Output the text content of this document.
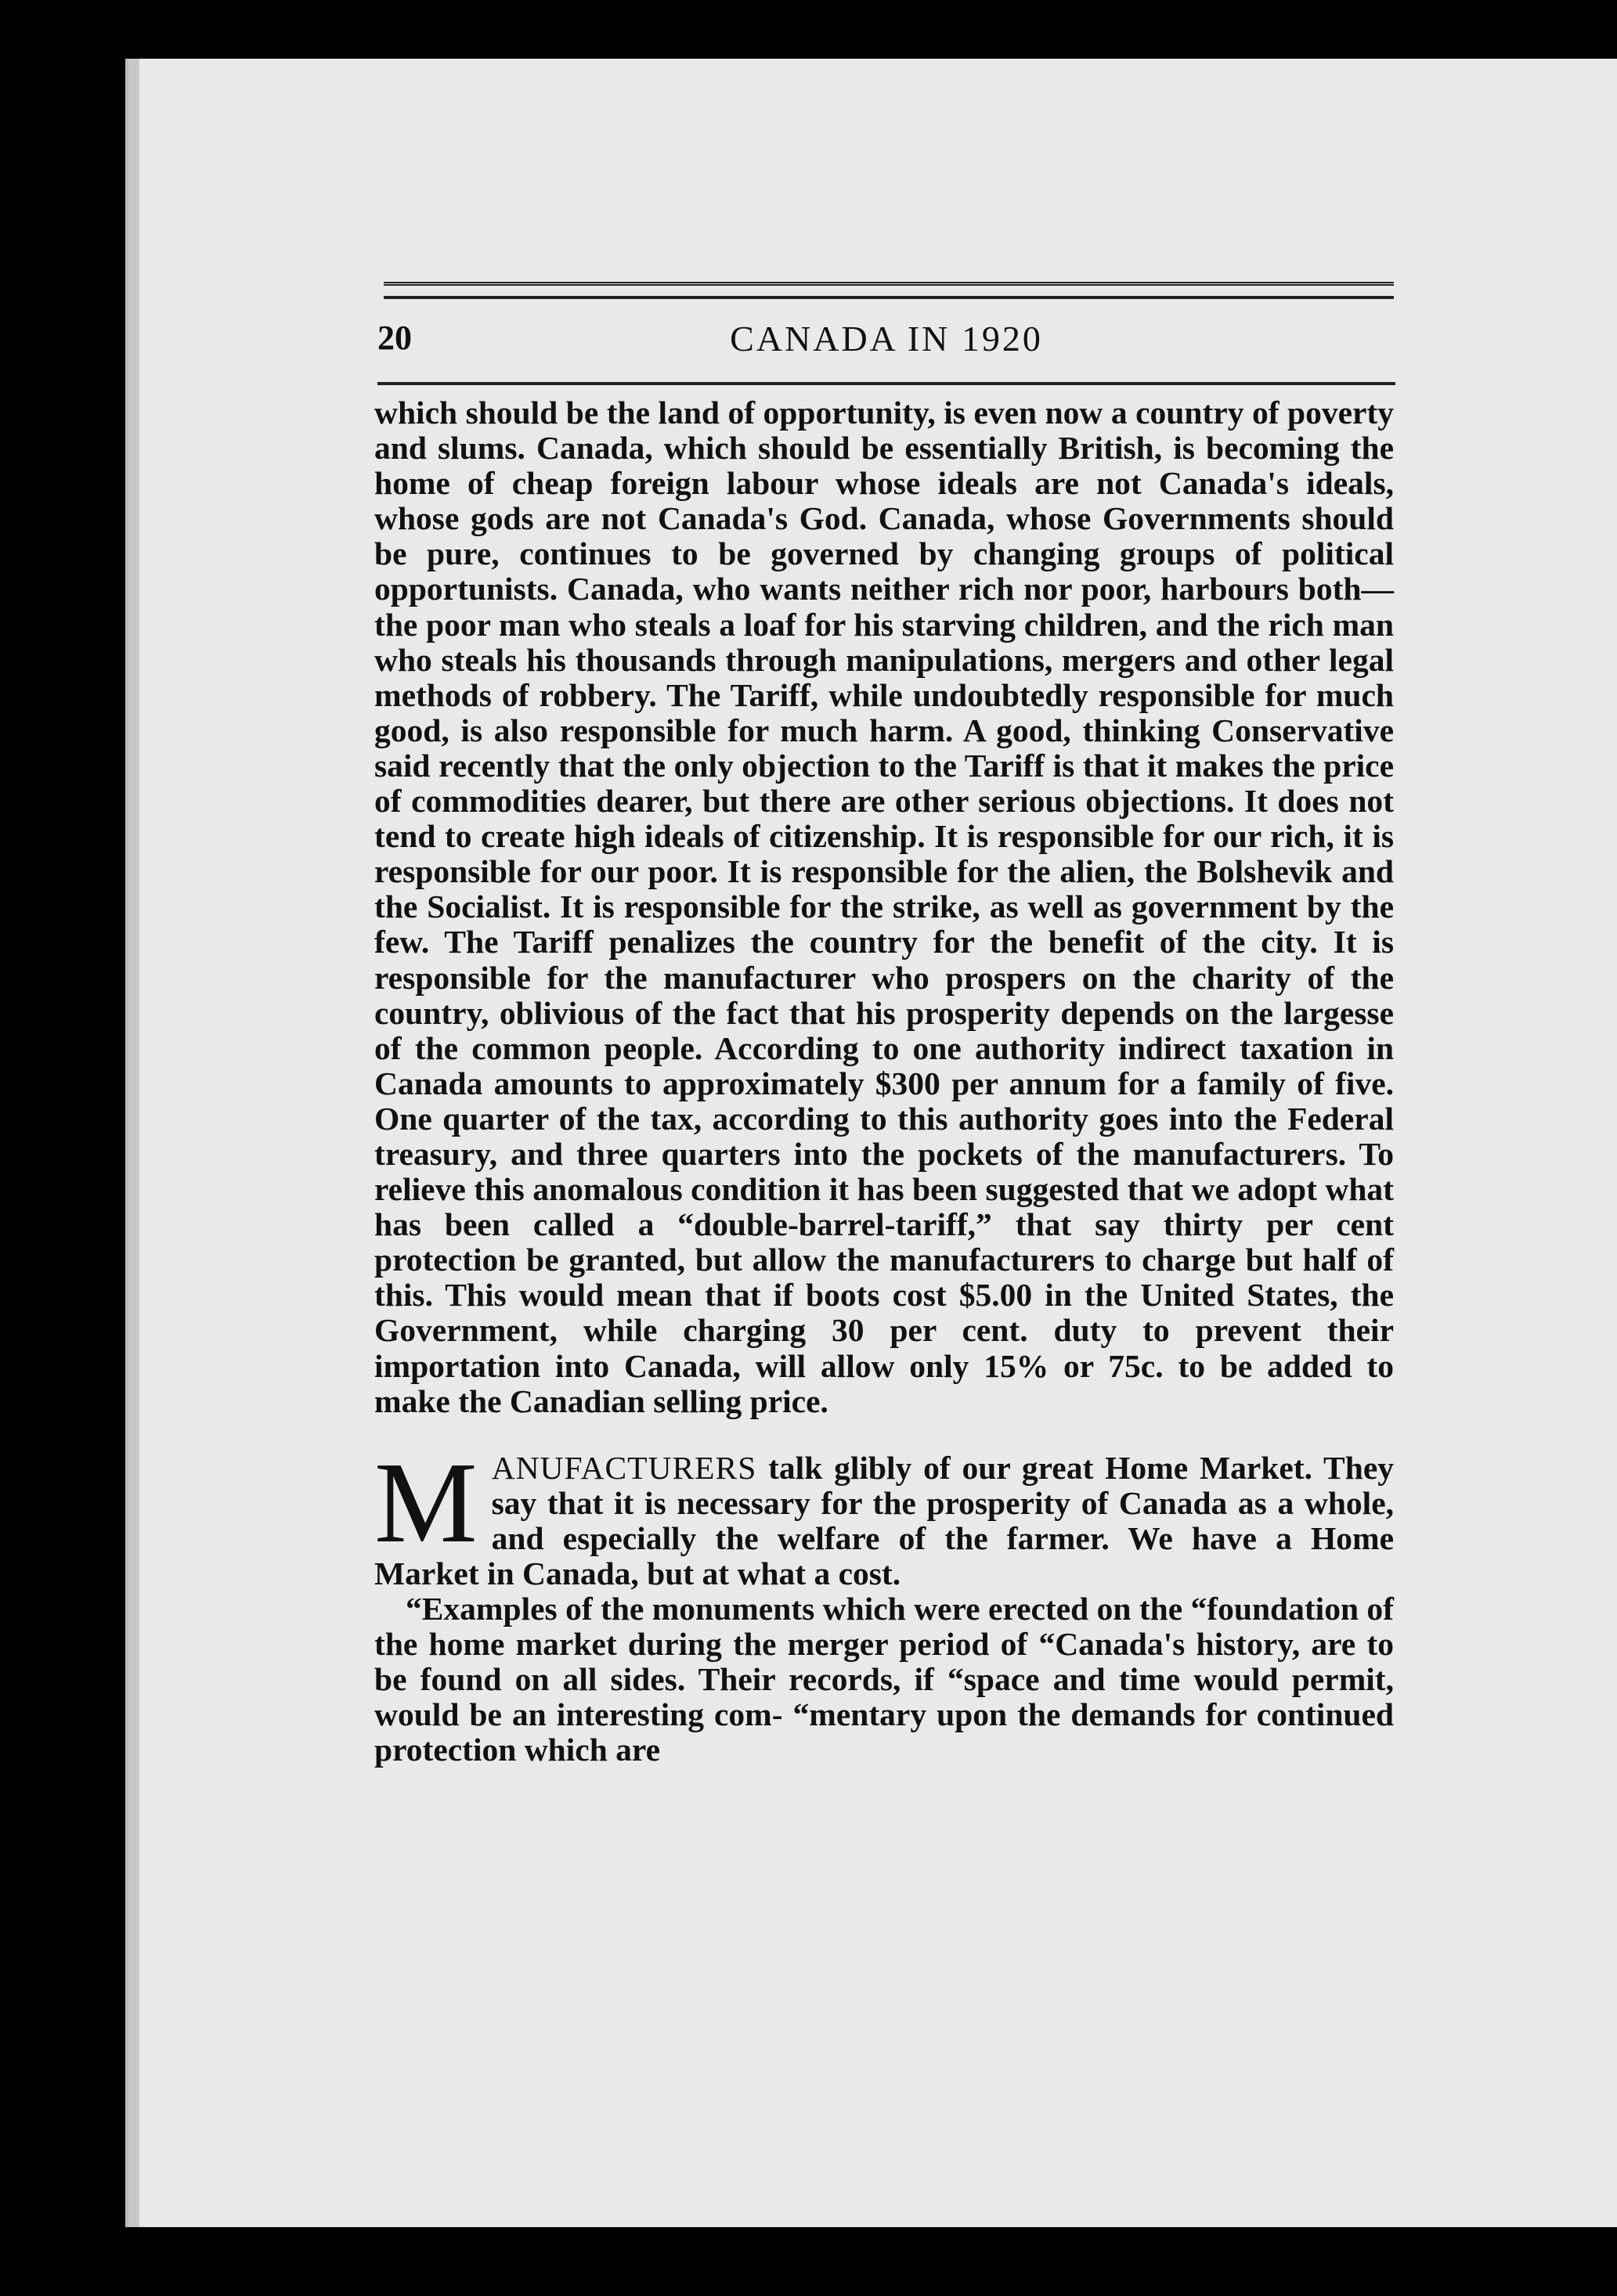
20	CANADA IN 1920

which should be the land of opportunity, is even now a country of poverty and slums. Canada, which should be essentially British, is becoming the home of cheap foreign labour whose ideals are not Canada's ideals, whose gods are not Canada's God. Canada, whose Governments should be pure, continues to be governed by changing groups of political opportunists. Canada, who wants neither rich nor poor, harbours both—the poor man who steals a loaf for his starving children, and the rich man who steals his thousands through manipulations, mergers and other legal methods of robbery. The Tariff, while undoubtedly responsible for much good, is also responsible for much harm. A good, thinking Conservative said recently that the only objection to the Tariff is that it makes the price of commodities dearer, but there are other serious objections. It does not tend to create high ideals of citizenship. It is responsible for our rich, it is responsible for our poor. It is responsible for the alien, the Bolshevik and the Socialist. It is responsible for the strike, as well as government by the few. The Tariff penalizes the country for the benefit of the city. It is responsible for the manufacturer who prospers on the charity of the country, oblivious of the fact that his prosperity depends on the largesse of the common people. According to one authority indirect taxation in Canada amounts to approximately $300 per annum for a family of five. One quarter of the tax, according to this authority goes into the Federal treasury, and three quarters into the pockets of the manufacturers. To relieve this anomalous condition it has been suggested that we adopt what has been called a “double-barrel-tariff,” that say thirty per cent protection be granted, but allow the manufacturers to charge but half of this. This would mean that if boots cost $5.00 in the United States, the Government, while charging 30 per cent. duty to prevent their importation into Canada, will allow only 15% or 75c. to be added to make the Canadian selling price.

MANUFACTURERS talk glibly of our great Home Market. They say that it is necessary for the prosperity of Canada as a whole, and especially the welfare of the farmer. We have a Home Market in Canada, but at what a cost.

“Examples of the monuments which were erected on the “foundation of the home market during the merger period of “Canada's history, are to be found on all sides. Their records, if “space and time would permit, would be an interesting com- “mentary upon the demands for continued protection which are
